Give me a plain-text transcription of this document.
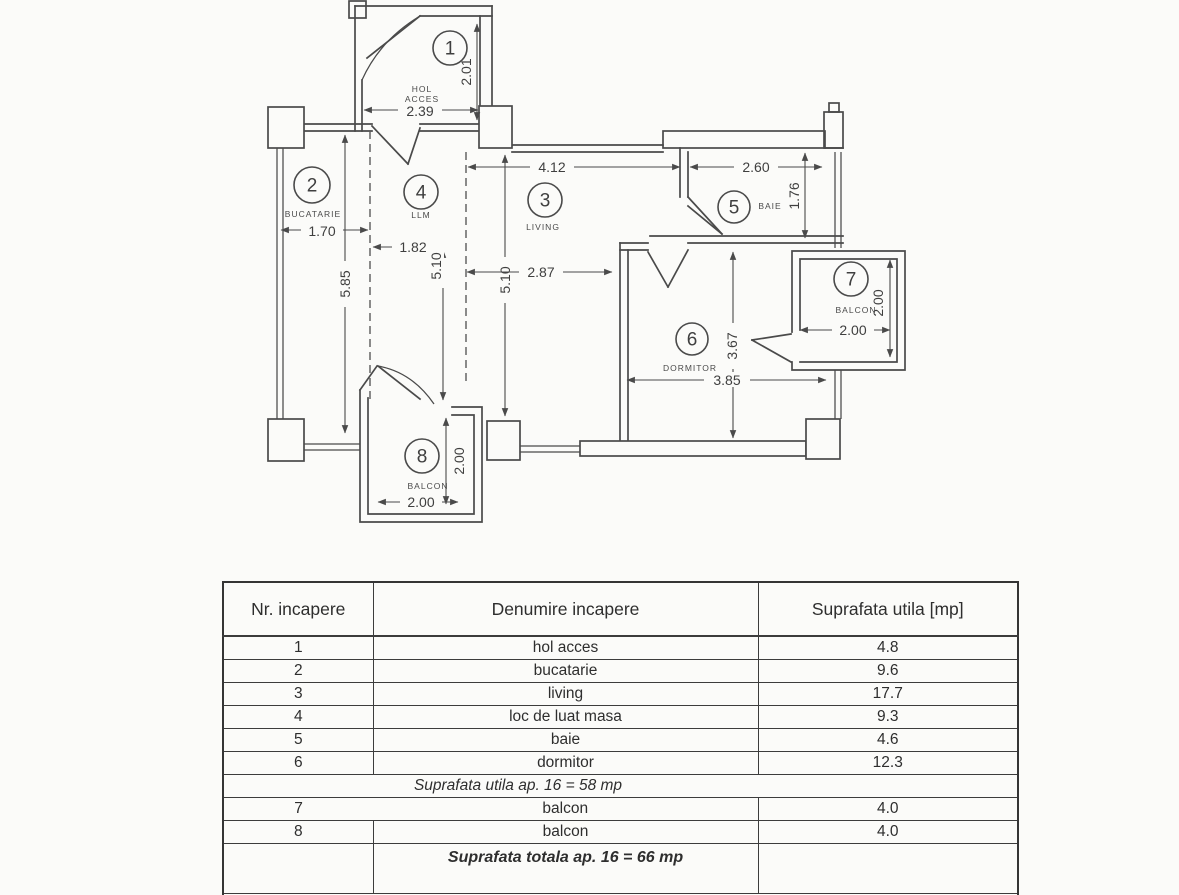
2.01
2.39
4.12	2.60
1.76
1.70
1.82
5.85
5.10
5.10 2.87
3.67
3.85
2.00
2.00
2.00
2.00
1
HOL
ACCES
2
BUCATARIE
3
LIVING
4
LLM	5 BAIE
6
DORMITOR
7
BALCON
8
BALCON
Nr. incapere	Denumire incapere	Suprafata utila [mp]
1	hol acces	4.8
2	bucatarie	9.6
3	living	17.7
4	loc de luat masa	9.3
5	baie	4.6
6	dormitor	12.3
Suprafata utila ap. 16 = 58 mp		
7	balcon	4.0
8	balcon	4.0
	Suprafata totala ap. 16 = 66 mp	
